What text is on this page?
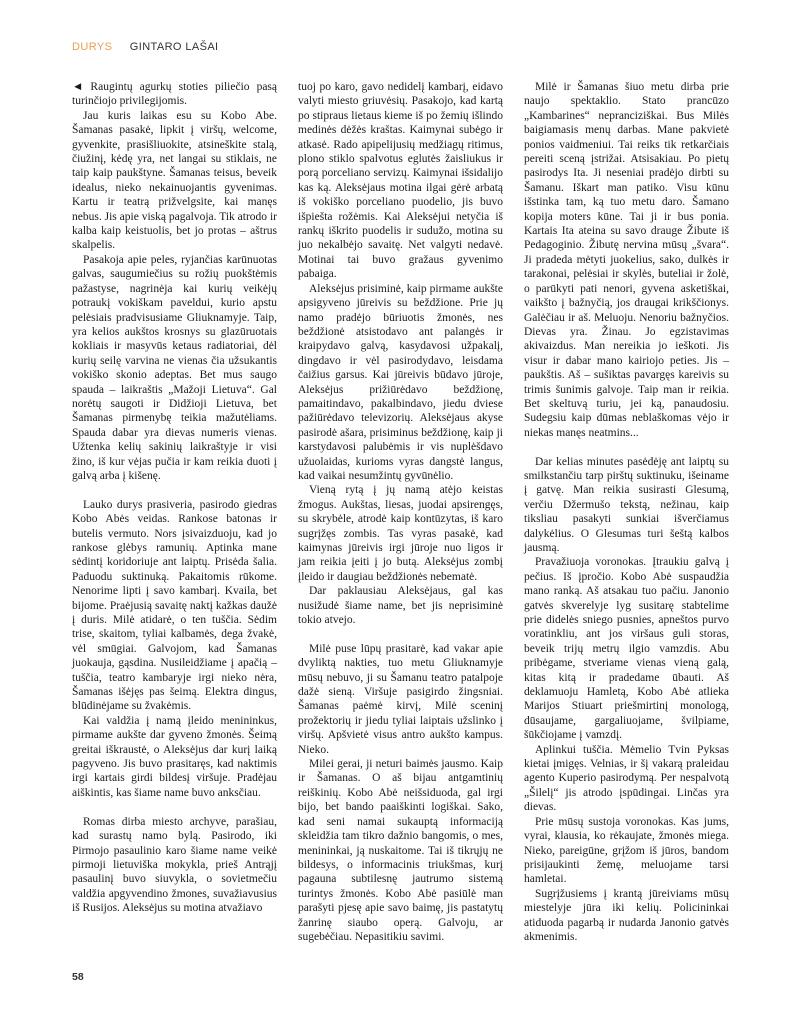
DURYS GINTARO LAŠAI

◄ Raugintų agurkų stoties piliečio pasą turinčiojo privilegijomis.

Jau kuris laikas esu su Kobo Abe. Šamanas pasakė, lipkit į viršų, welcome, gyvenkite, prasišliuokite, atsineškite stalą, čiužinį, kėdę yra, net langai su stiklais, ne taip kaip paukštyne. Šamanas teisus, beveik idealus, nieko nekainuojantis gyvenimas. Kartu ir teatrą prižvelgsite, kai manęs nebus. Jis apie viską pagalvoja. Tik atrodo ir kalba kaip keistuolis, bet jo protas – aštrus skalpelis.

Pasakoja apie peles, ryjančias karūnuotas galvas, saugumiečius su rožių puokštėmis pažastyse, nagrinėja kai kurių veikėjų potraukį vokiškam paveldui, kurio apstu pelėsiais pradvisusiame Gliuknamyje. Taip, yra kelios aukštos krosnys su glazūruotais kokliais ir masyvūs ketaus radiatoriai, dėl kurių seilę varvina ne vienas čia užsukantis vokiško skonio adeptas. Bet mus saugo spauda – laikraštis „Mažoji Lietuva“. Gal norėtų saugoti ir Didžioji Lietuva, bet Šamanas pirmenybę teikia mažutėliams. Spauda dabar yra dievas numeris vienas. Užtenka kelių sakinių laikraštyje ir visi žino, iš kur vėjas pučia ir kam reikia duoti į galvą arba į kišenę.

Lauko durys prasiveria, pasirodo giedras Kobo Abės veidas. Rankose batonas ir butelis vermuto. Nors įsivaizduoju, kad jo rankose glėbys ramunių. Aptinka mane sėdintį koridoriuje ant laiptų. Prisėda šalia. Paduodu suktinuką. Pakaitomis rūkome. Nenorime lipti į savo kambarį. Kvaila, bet bijome. Praėjusią savaitę naktį kažkas daužė į duris. Milė atidarė, o ten tuščia. Sėdim trise, skaitom, tyliai kalbamės, dega žvakė, vėl smūgiai. Galvojom, kad Šamanas juokauja, gąsdina. Nusileidžiame į apačią – tuščia, teatro kambaryje irgi nieko nėra, Šamanas išėjęs pas šeimą. Elektra dingus, blūdinėjame su žvakėmis.

Kai valdžia į namą įleido menininkus, pirmame aukšte dar gyveno žmonės. Šeimą greitai iškraustė, o Aleksėjus dar kurį laiką pagyveno. Jis buvo prasitaręs, kad naktimis irgi kartais girdi bildesį viršuje. Pradėjau aiškintis, kas šiame name buvo anksčiau.

Romas dirba miesto archyve, parašiau, kad surastų namo bylą. Pasirodo, iki Pirmojo pasaulinio karo šiame name veikė pirmoji lietuviška mokykla, prieš Antrąjį pasaulinį buvo siuvykla, o sovietmečiu valdžia apgyvendino žmones, suvažiavusius iš Rusijos. Aleksėjus su motina atvažiavo

tuoj po karo, gavo nedidelį kambarį, eidavo valyti miesto griuvėsių. Pasakojo, kad kartą po stipraus lietaus kieme iš po žemių išlindo medinės dėžės kraštas. Kaimynai subėgo ir atkasė. Rado apipelijusių medžiagų ritimus, plono stiklo spalvotus eglutės žaisliukus ir porą porceliano servizų. Kaimynai išsidalijo kas ką. Aleksėjaus motina ilgai gėrė arbatą iš vokiško porceliano puodelio, jis buvo išpiešta rožėmis. Kai Aleksėjui netyčia iš rankų iškrito puodelis ir sudužo, motina su juo nekalbėjo savaitę. Net valgyti nedavė. Motinai tai buvo gražaus gyvenimo pabaiga.

Aleksėjus prisiminė, kaip pirmame aukšte apsigyveno jūreivis su beždžione. Prie jų namo pradėjo būriuotis žmonės, nes beždžionė atsistodavo ant palangės ir kraipydavo galvą, kasydavosi užpakalį, dingdavo ir vėl pasirodydavo, leisdama čaižius garsus. Kai jūreivis būdavo jūroje, Aleksėjus prižiūrėdavo beždžionę, pamaitindavo, pakalbindavo, jiedu dviese pažiūrėdavo televizorių. Aleksėjaus akyse pasirodė ašara, prisiminus beždžionę, kaip ji karstydavosi palubėmis ir vis nuplėšdavo užuolaidas, kurioms vyras dangstė langus, kad vaikai nesumžintų gyvūnėlio.

Vieną rytą į jų namą atėjo keistas žmogus. Aukštas, liesas, juodai apsirengęs, su skrybėle, atrodė kaip kontūzytas, iš karo sugrįžęs zombis. Tas vyras pasakė, kad kaimynas jūreivis irgi jūroje nuo ligos ir jam reikia įeiti į jo butą. Aleksėjus zombį įleido ir daugiau beždžionės nebematė.

Dar paklausiau Aleksėjaus, gal kas nusižudė šiame name, bet jis neprisiminė tokio atvejo.

Milė puse lūpų prasitarė, kad vakar apie dvyliktą nakties, tuo metu Gliuknamyje mūsų nebuvo, ji su Šamanu teatro patalpoje dažė sieną. Viršuje pasigirdo žingsniai. Šamanas paėmė kirvį, Milė sceninį prožektorių ir jiedu tyliai laiptais užslinko į viršų. Apšvietė visus antro aukšto kampus. Nieko.

Milei gerai, ji neturi baimės jausmo. Kaip ir Šamanas. O aš bijau antgamtinių reiškinių. Kobo Abė neišsiduoda, gal irgi bijo, bet bando paaiškinti logiškai. Sako, kad seni namai sukauptą informaciją skleidžia tam tikro dažnio bangomis, o mes, menininkai, ją nuskaitome. Tai iš tikrųjų ne bildesys, o informacinis triukšmas, kurį pagauna subtilesnę jautrumo sistemą turintys žmonės. Kobo Abė pasiūlė man parašyti pjesę apie savo baimę, jis pastatytų žanrinę siaubo operą. Galvoju, ar sugebėčiau. Nepasitikiu savimi.

Milė ir Šamanas šiuo metu dirba prie naujo spektaklio. Stato prancūzo „Kambarines“ nepranciziškai. Bus Milės baigiamasis menų darbas. Mane pakvietė ponios vaidmeniui. Tai reiks tik retkarčiais pereiti sceną įstrižai. Atsisakiau. Po pietų pasirodys Ita. Ji neseniai pradėjo dirbti su Šamanu. Iškart man patiko. Visu kūnu išstinka tam, ką tuo metu daro. Šamano kopija moters kūne. Tai ji ir bus ponia. Kartais Ita ateina su savo drauge Žibute iš Pedagoginio. Žibutę nervina mūsų „švara“. Ji pradeda mėtyti juokelius, sako, dulkės ir tarakonai, pelėsiai ir skylės, buteliai ir žolė, o parūkyti pati nenori, gyvena asketiškai, vaikšto į bažnyčią, jos draugai krikščionys. Galėčiau ir aš. Meluoju. Nenoriu bažnyčios. Dievas yra. Žinau. Jo egzistavimas akivaizdus. Man nereikia jo ieškoti. Jis visur ir dabar mano kairiojo peties. Jis – paukštis. Aš – sušiktas pavargęs kareivis su trimis šunimis galvoje. Taip man ir reikia. Bet skeltuvą turiu, jei ką, panaudosiu. Sudegsiu kaip dūmas neblaškomas vėjo ir niekas manęs neatmins...

Dar kelias minutes pasėdėję ant laiptų su smilkstančiu tarp pirštų suktinuku, išeiname į gatvę. Man reikia susirasti Glesumą, verčiu Džermušo tekstą, nežinau, kaip tiksliau pasakyti sunkiai išverčiamus dalykėlius. O Glesumas turi šeštą kalbos jausmą.

Pravažiuoja voronokas. Įtraukiu galvą į pečius. Iš įpročio. Kobo Abė suspaudžia mano ranką. Aš atsakau tuo pačiu. Janonio gatvės skverelyje lyg susitarę stabtelime prie didelės sniego pusnies, apneštos purvo voratinkliu, ant jos viršaus guli storas, beveik trijų metrų ilgio vamzdis. Abu pribėgame, stveriame vienas vieną galą, kitas kitą ir pradedame ūbauti. Aš deklamuoju Hamletą, Kobo Abė atlieka Marijos Stiuart priešmirtinį monologą, dūsaujame, gargaliuojame, švilpiame, šūkčiojame į vamzdį.

Aplinkui tuščia. Mėmelio Tvin Pyksas kietai įmigęs. Velnias, ir šį vakarą praleidau agento Kuperio pasirodymą. Per nespalvotą „Šilelį“ jis atrodo įspūdingai. Linčas yra dievas.

Prie mūsų sustoja voronokas. Kas jums, vyrai, klausia, ko rėkaujate, žmonės miega. Nieko, pareigūne, grįžom iš jūros, bandom prisijaukinti žemę, meluojame tarsi hamletai.

Sugrįžusiems į krantą jūreiviams mūsų miestelyje jūra iki kelių. Policininkai atiduoda pagarbą ir nudarda Janonio gatvės akmenimis.

58
